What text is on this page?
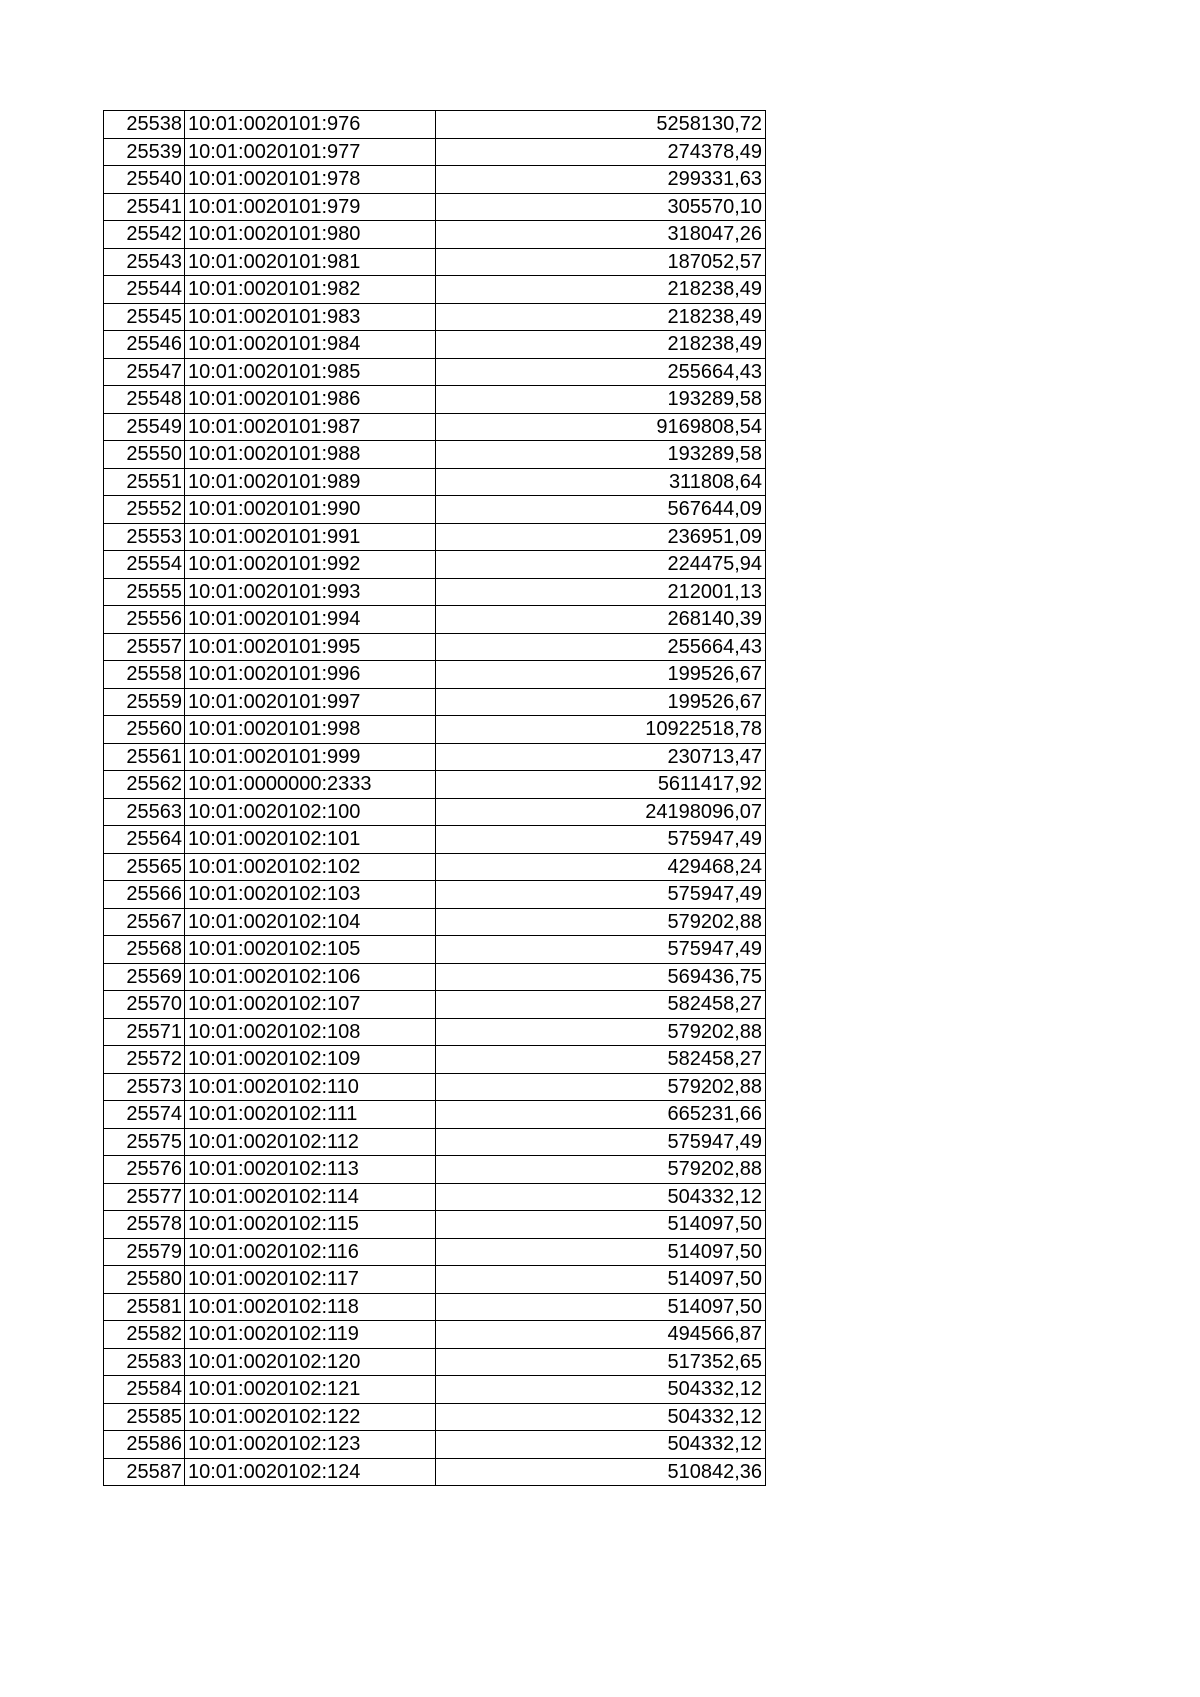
25538	10:01:0020101:976	5258130,72
25539	10:01:0020101:977	274378,49
25540	10:01:0020101:978	299331,63
25541	10:01:0020101:979	305570,10
25542	10:01:0020101:980	318047,26
25543	10:01:0020101:981	187052,57
25544	10:01:0020101:982	218238,49
25545	10:01:0020101:983	218238,49
25546	10:01:0020101:984	218238,49
25547	10:01:0020101:985	255664,43
25548	10:01:0020101:986	193289,58
25549	10:01:0020101:987	9169808,54
25550	10:01:0020101:988	193289,58
25551	10:01:0020101:989	311808,64
25552	10:01:0020101:990	567644,09
25553	10:01:0020101:991	236951,09
25554	10:01:0020101:992	224475,94
25555	10:01:0020101:993	212001,13
25556	10:01:0020101:994	268140,39
25557	10:01:0020101:995	255664,43
25558	10:01:0020101:996	199526,67
25559	10:01:0020101:997	199526,67
25560	10:01:0020101:998	10922518,78
25561	10:01:0020101:999	230713,47
25562	10:01:0000000:2333	5611417,92
25563	10:01:0020102:100	24198096,07
25564	10:01:0020102:101	575947,49
25565	10:01:0020102:102	429468,24
25566	10:01:0020102:103	575947,49
25567	10:01:0020102:104	579202,88
25568	10:01:0020102:105	575947,49
25569	10:01:0020102:106	569436,75
25570	10:01:0020102:107	582458,27
25571	10:01:0020102:108	579202,88
25572	10:01:0020102:109	582458,27
25573	10:01:0020102:110	579202,88
25574	10:01:0020102:111	665231,66
25575	10:01:0020102:112	575947,49
25576	10:01:0020102:113	579202,88
25577	10:01:0020102:114	504332,12
25578	10:01:0020102:115	514097,50
25579	10:01:0020102:116	514097,50
25580	10:01:0020102:117	514097,50
25581	10:01:0020102:118	514097,50
25582	10:01:0020102:119	494566,87
25583	10:01:0020102:120	517352,65
25584	10:01:0020102:121	504332,12
25585	10:01:0020102:122	504332,12
25586	10:01:0020102:123	504332,12
25587	10:01:0020102:124	510842,36
